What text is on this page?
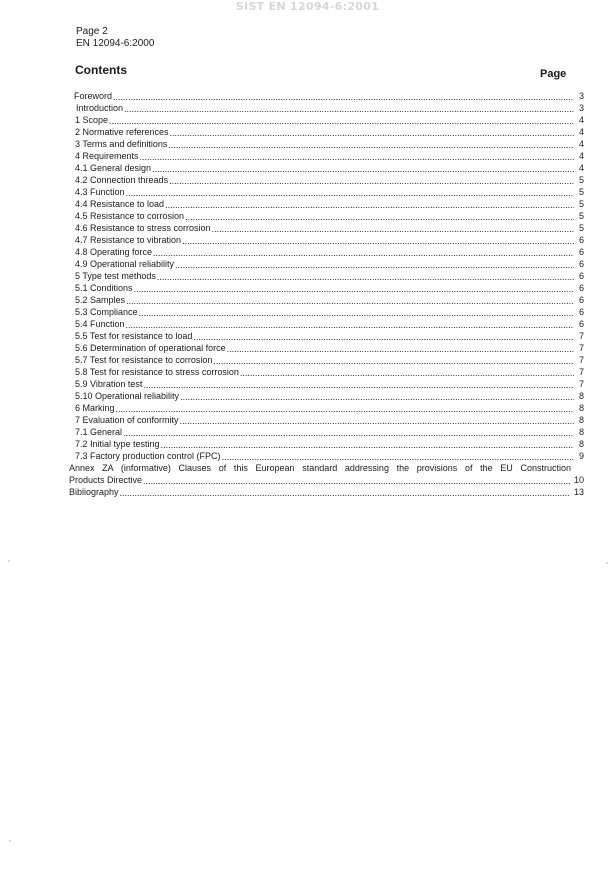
SIST EN 12094-6:2001
Page 2
EN 12094-6:2000
Contents	Page
Foreword .....	3
Introduction .....	3
1 Scope .....	4
2 Normative references .....	4
3 Terms and definitions .....	4
4 Requirements .....	4
4.1 General design .....	4
4.2 Connection threads .....	5
4.3 Function .....	5
4.4 Resistance to load .....	5
4.5 Resistance to corrosion .....	5
4.6 Resistance to stress corrosion .....	5
4.7 Resistance to vibration .....	6
4.8 Operating force .....	6
4.9 Operational reliability .....	6
5 Type test methods .....	6
5.1 Conditions .....	6
5.2 Samples .....	6
5.3 Compliance .....	6
5.4 Function .....	6
5.5 Test for resistance to load .....	7
5.6 Determination of operational force .....	7
5.7 Test for resistance to corrosion .....	7
5.8 Test for resistance to stress corrosion .....	7
5.9 Vibration test .....	7
5.10 Operational reliability .....	8
6 Marking .....	8
7 Evaluation of conformity .....	8
7.1 General .....	8
7.2 Initial type testing .....	8
7.3 Factory production control (FPC) .....	9
Annex ZA (informative) Clauses of this European standard addressing the provisions of the EU Construction
Products Directive .....	10
Bibliography .....	13
